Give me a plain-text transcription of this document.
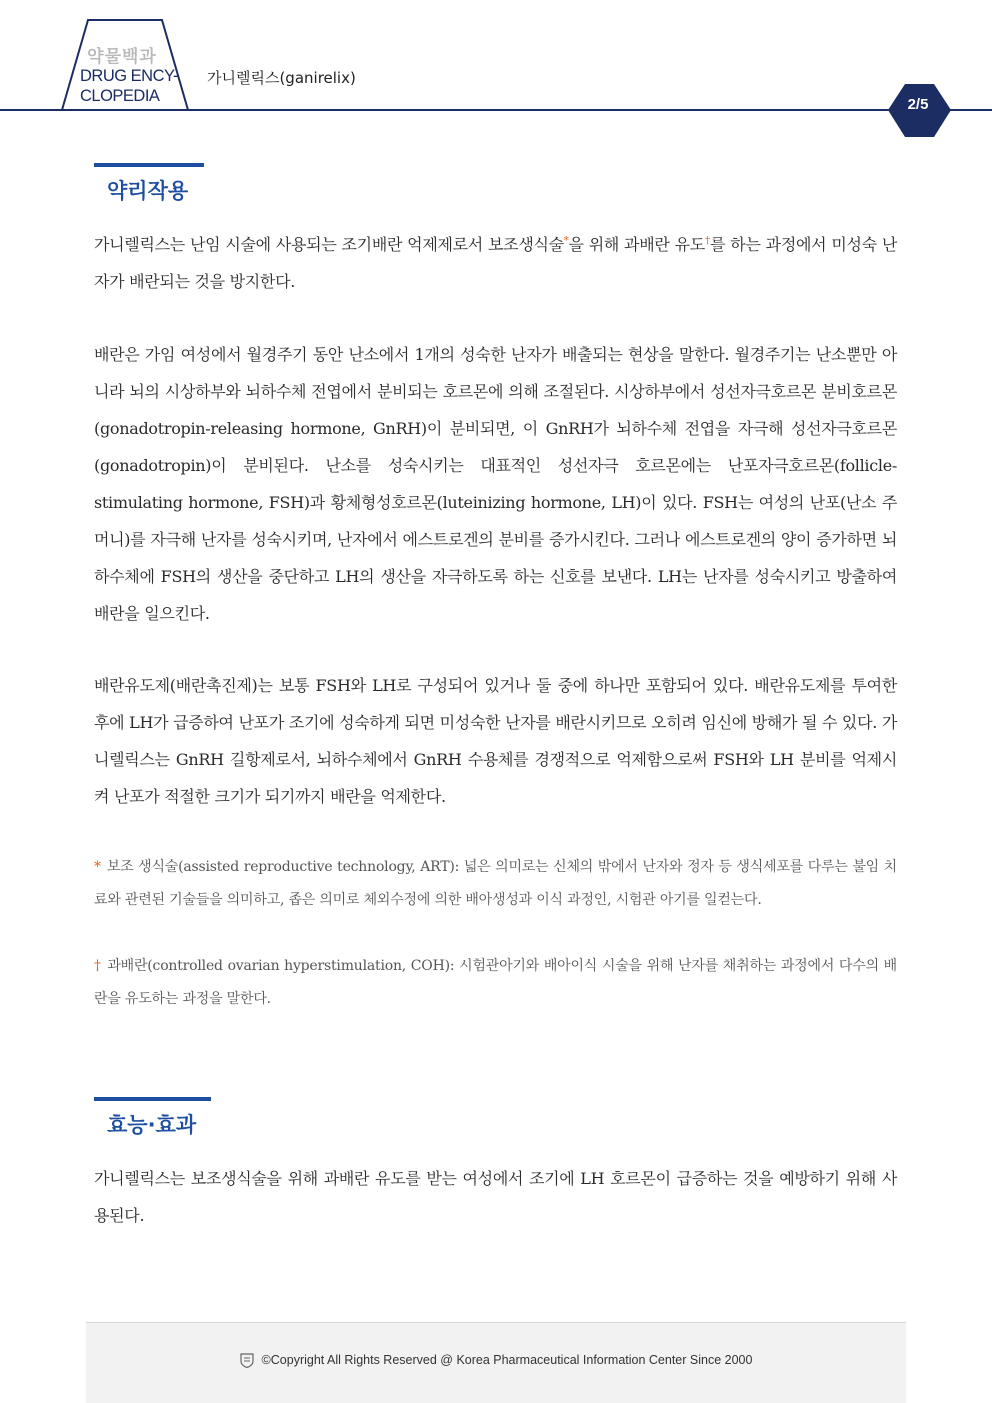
약물백과
DRUG ENCY-
CLOPEDIA
가니렐릭스(ganirelix)
2/5
약리작용

가니렐릭스는 난임 시술에 사용되는 조기배란 억제제로서 보조생식술*을 위해 과배란 유도†를 하는 과정에서 미성숙 난자가 배란되는 것을 방지한다.

배란은 가임 여성에서 월경주기 동안 난소에서 1개의 성숙한 난자가 배출되는 현상을 말한다. 월경주기는 난소뿐만 아니라 뇌의 시상하부와 뇌하수체 전엽에서 분비되는 호르몬에 의해 조절된다. 시상하부에서 성선자극호르몬 분비호르몬(gonadotropin-releasing hormone, GnRH)이 분비되면, 이 GnRH가 뇌하수체 전엽을 자극해 성선자극호르몬(gonadotropin)이 분비된다. 난소를 성숙시키는 대표적인 성선자극 호르몬에는 난포자극호르몬(follicle-stimulating hormone, FSH)과 황체형성호르몬(luteinizing hormone, LH)이 있다. FSH는 여성의 난포(난소 주머니)를 자극해 난자를 성숙시키며, 난자에서 에스트로겐의 분비를 증가시킨다. 그러나 에스트로겐의 양이 증가하면 뇌하수체에 FSH의 생산을 중단하고 LH의 생산을 자극하도록 하는 신호를 보낸다. LH는 난자를 성숙시키고 방출하여 배란을 일으킨다.

배란유도제(배란촉진제)는 보통 FSH와 LH로 구성되어 있거나 둘 중에 하나만 포함되어 있다. 배란유도제를 투여한 후에 LH가 급증하여 난포가 조기에 성숙하게 되면 미성숙한 난자를 배란시키므로 오히려 임신에 방해가 될 수 있다. 가니렐릭스는 GnRH 길항제로서, 뇌하수체에서 GnRH 수용체를 경쟁적으로 억제함으로써 FSH와 LH 분비를 억제시켜 난포가 적절한 크기가 되기까지 배란을 억제한다.

* 보조 생식술(assisted reproductive technology, ART): 넓은 의미로는 신체의 밖에서 난자와 정자 등 생식세포를 다루는 불임 치료와 관련된 기술들을 의미하고, 좁은 의미로 체외수정에 의한 배아생성과 이식 과정인, 시험관 아기를 일컫는다.

† 과배란(controlled ovarian hyperstimulation, COH): 시험관아기와 배아이식 시술을 위해 난자를 채취하는 과정에서 다수의 배란을 유도하는 과정을 말한다.

효능·효과

가니렐릭스는 보조생식술을 위해 과배란 유도를 받는 여성에서 조기에 LH 호르몬이 급증하는 것을 예방하기 위해 사용된다.

©Copyright All Rights Reserved @ Korea Pharmaceutical Information Center Since 2000
